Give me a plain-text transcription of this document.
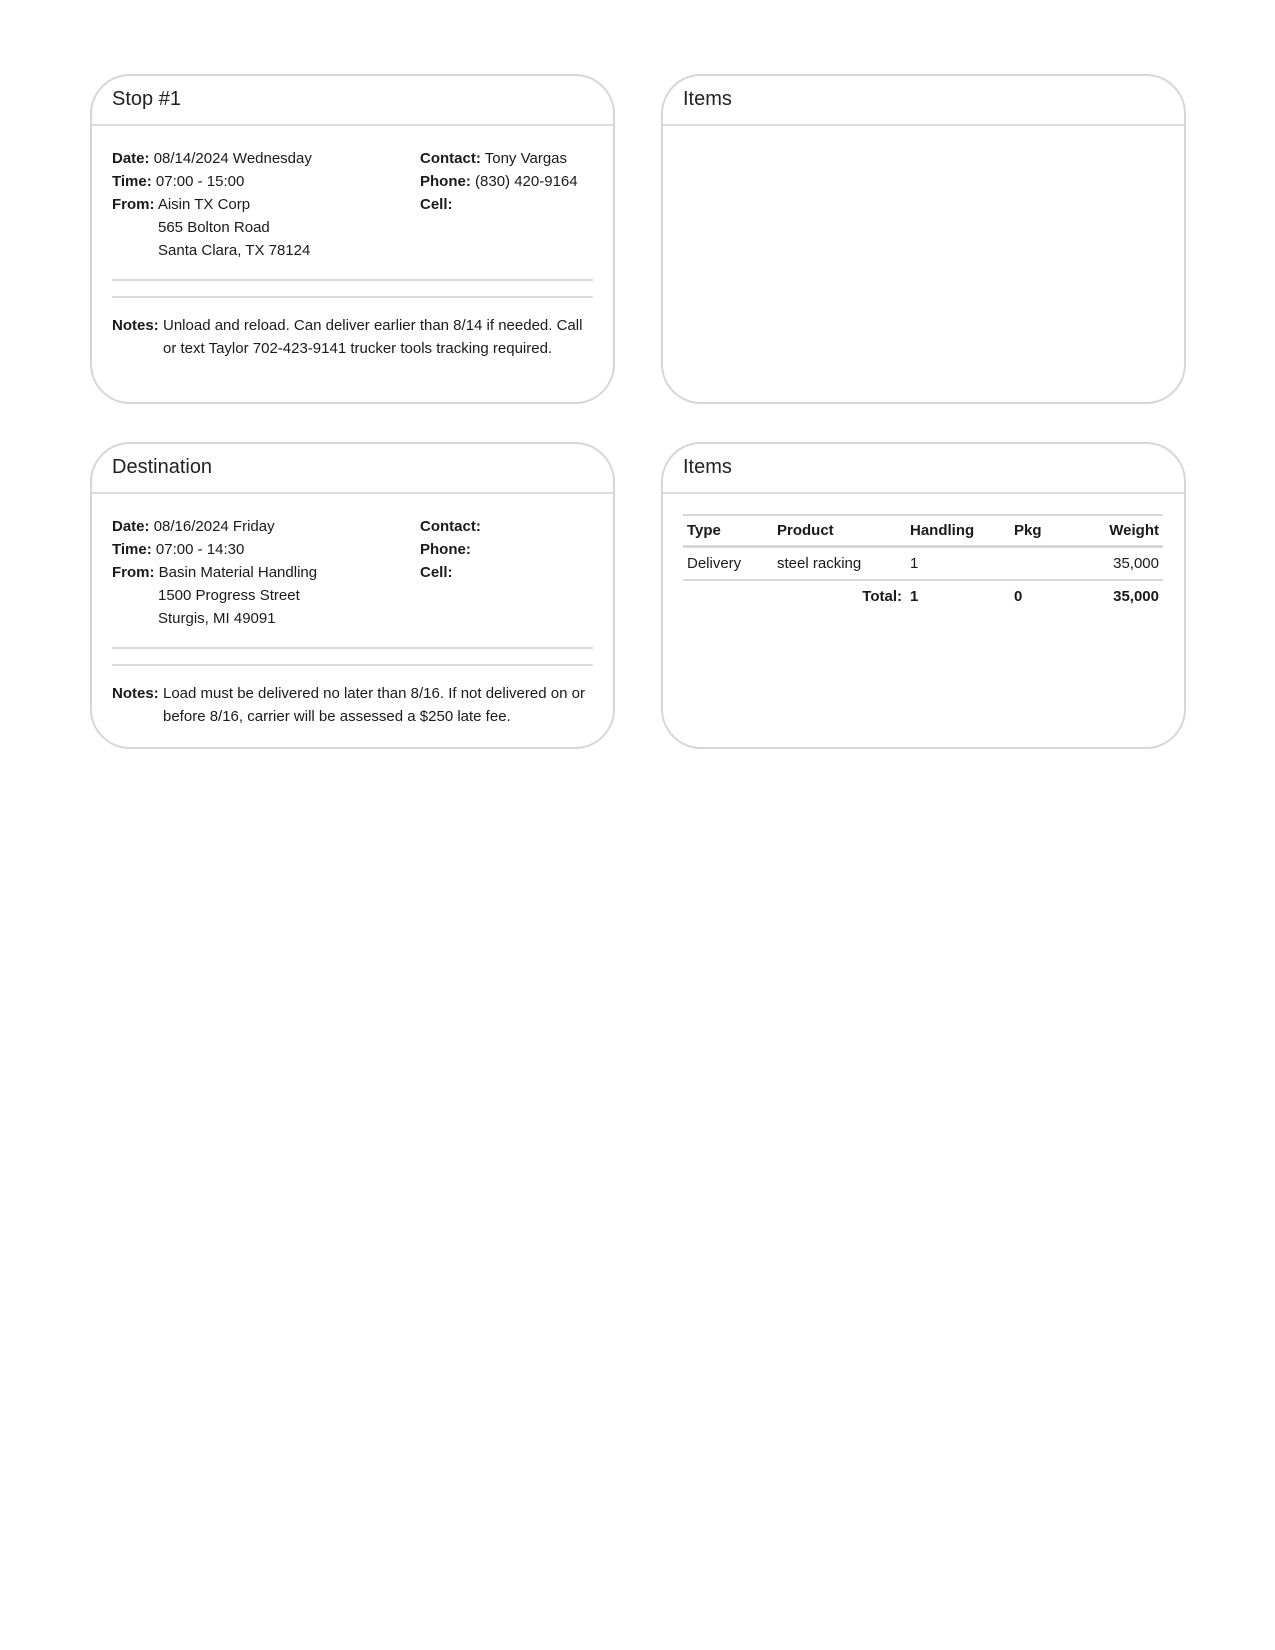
Stop #1
Date: 08/14/2024 Wednesday
Time: 07:00 - 15:00
From: Aisin TX Corp
565 Bolton Road
Santa Clara, TX 78124
Contact: Tony Vargas
Phone: (830) 420-9164
Cell:
Notes: Unload and reload. Can deliver earlier than 8/14 if needed. Call or text Taylor 702-423-9141 trucker tools tracking required.
Items
Destination
Date: 08/16/2024 Friday
Time: 07:00 - 14:30
From: Basin Material Handling
1500 Progress Street
Sturgis, MI 49091
Contact:
Phone:
Cell:
Notes: Load must be delivered no later than 8/16. If not delivered on or before 8/16, carrier will be assessed a $250 late fee.
Items
Type	Product	Handling	Pkg	Weight
Delivery	steel racking	1		35,000
	Total:	1	0	35,000
